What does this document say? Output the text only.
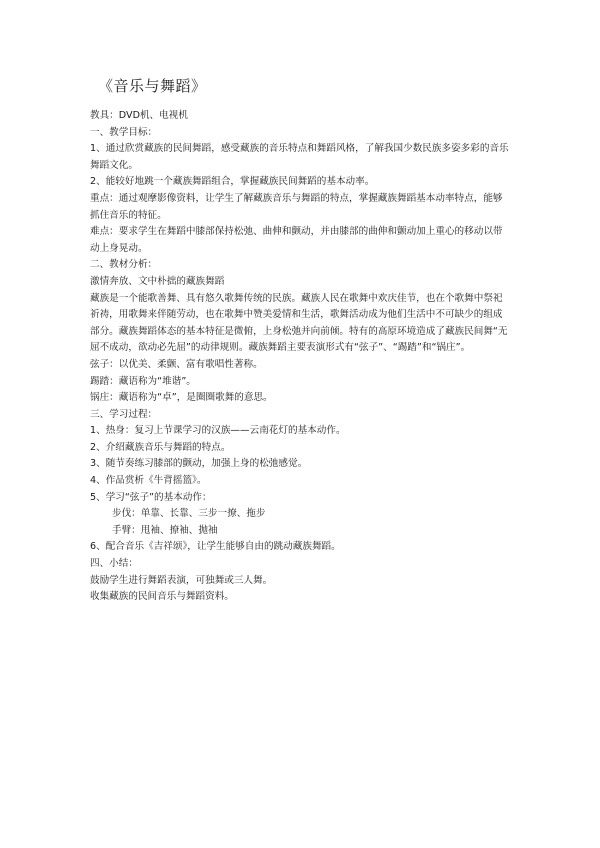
《音乐与舞蹈》

教具：DVD机、电视机

一、教学目标：

1、通过欣赏藏族的民间舞蹈，感受藏族的音乐特点和舞蹈风格，了解我国少数民族多姿多彩的音乐舞蹈文化。

2、能较好地跳一个藏族舞蹈组合，掌握藏族民间舞蹈的基本动率。

重点：通过观摩影像资料，让学生了解藏族音乐与舞蹈的特点，掌握藏族舞蹈基本动率特点，能够抓住音乐的特征。

难点：要求学生在舞蹈中膝部保持松弛、曲伸和颤动，并由膝部的曲伸和颤动加上重心的移动以带动上身晃动。

二、教材分析：

激情奔放、文中朴拙的藏族舞蹈

藏族是一个能歌善舞、具有悠久歌舞传统的民族。藏族人民在歌舞中欢庆佳节，也在个歌舞中祭祀祈祷，用歌舞来伴随劳动，也在歌舞中赞美爱情和生活，歌舞活动成为他们生活中不可缺少的组成部分。藏族舞蹈体态的基本特征是微俯，上身松弛并向前倾。特有的高原环境造成了藏族民间舞“无屈不成动，欲动必先屈”的动律规则。藏族舞蹈主要表演形式有“弦子”、“踢踏”和“锅庄”。

弦子：以优美、柔颤、富有歌唱性著称。

踢踏：藏语称为“堆谐”。

锅庄：藏语称为“卓”，是圈圈歌舞的意思。

三、学习过程：

1、热身：复习上节课学习的汉族——云南花灯的基本动作。

2、介绍藏族音乐与舞蹈的特点。

3、随节奏练习膝部的颤动，加强上身的松弛感觉。

4、作品赏析《牛背摇篮》。

5、学习“弦子”的基本动作：

步伐：单靠、长靠、三步一撩、拖步

手臂：甩袖、撩袖、抛袖

6、配合音乐《吉祥颂》，让学生能够自由的跳动藏族舞蹈。

四、小结：

鼓励学生进行舞蹈表演，可独舞或三人舞。

收集藏族的民间音乐与舞蹈资料。
